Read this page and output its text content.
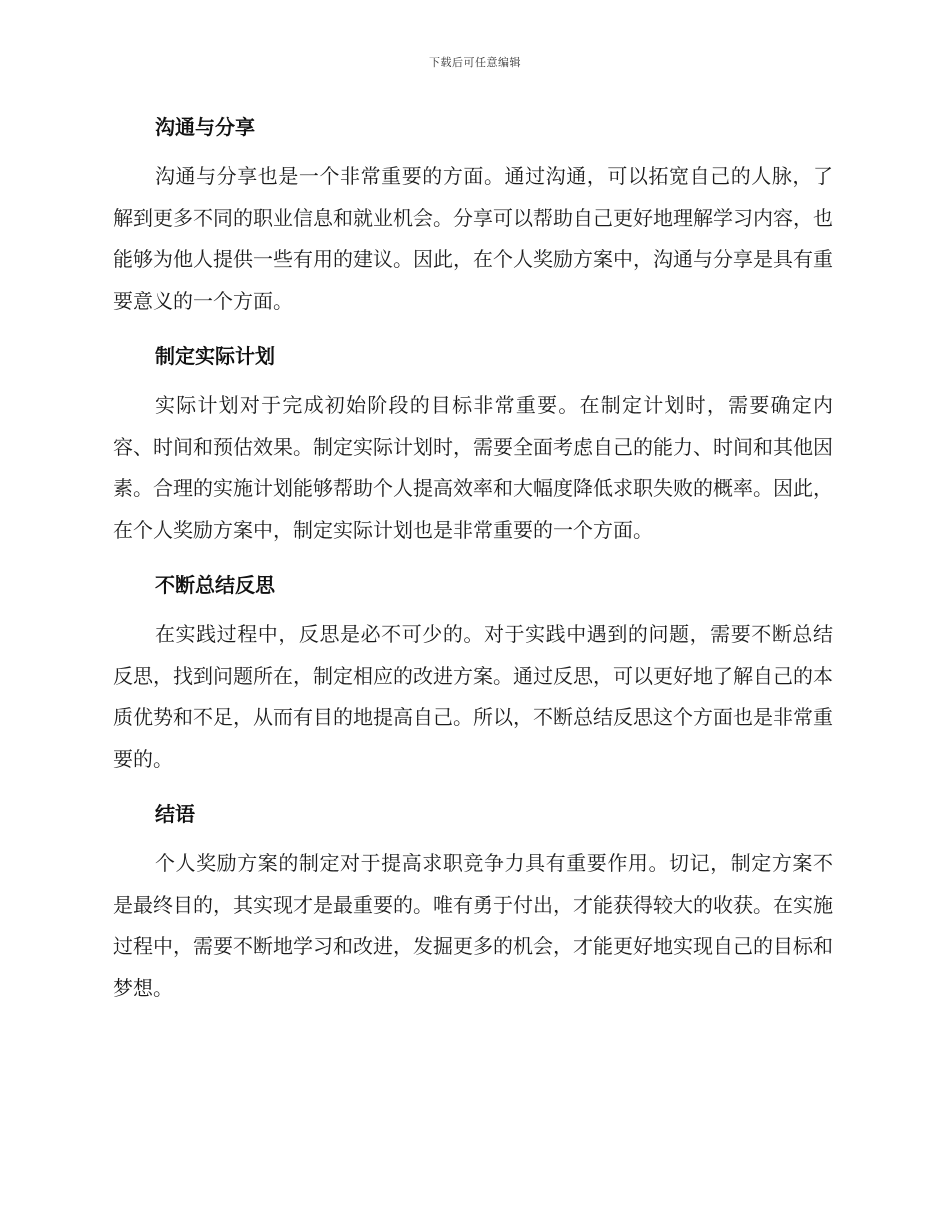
下载后可任意编辑
沟通与分享

沟通与分享也是一个非常重要的方面。通过沟通，可以拓宽自己的人脉，了解到更多不同的职业信息和就业机会。分享可以帮助自己更好地理解学习内容，也能够为他人提供一些有用的建议。因此，在个人奖励方案中，沟通与分享是具有重要意义的一个方面。

制定实际计划

实际计划对于完成初始阶段的目标非常重要。在制定计划时，需要确定内容、时间和预估效果。制定实际计划时，需要全面考虑自己的能力、时间和其他因素。合理的实施计划能够帮助个人提高效率和大幅度降低求职失败的概率。因此，在个人奖励方案中，制定实际计划也是非常重要的一个方面。

不断总结反思

在实践过程中，反思是必不可少的。对于实践中遇到的问题，需要不断总结反思，找到问题所在，制定相应的改进方案。通过反思，可以更好地了解自己的本质优势和不足，从而有目的地提高自己。所以，不断总结反思这个方面也是非常重要的。

结语

个人奖励方案的制定对于提高求职竞争力具有重要作用。切记，制定方案不是最终目的，其实现才是最重要的。唯有勇于付出，才能获得较大的收获。在实施过程中，需要不断地学习和改进，发掘更多的机会，才能更好地实现自己的目标和梦想。
